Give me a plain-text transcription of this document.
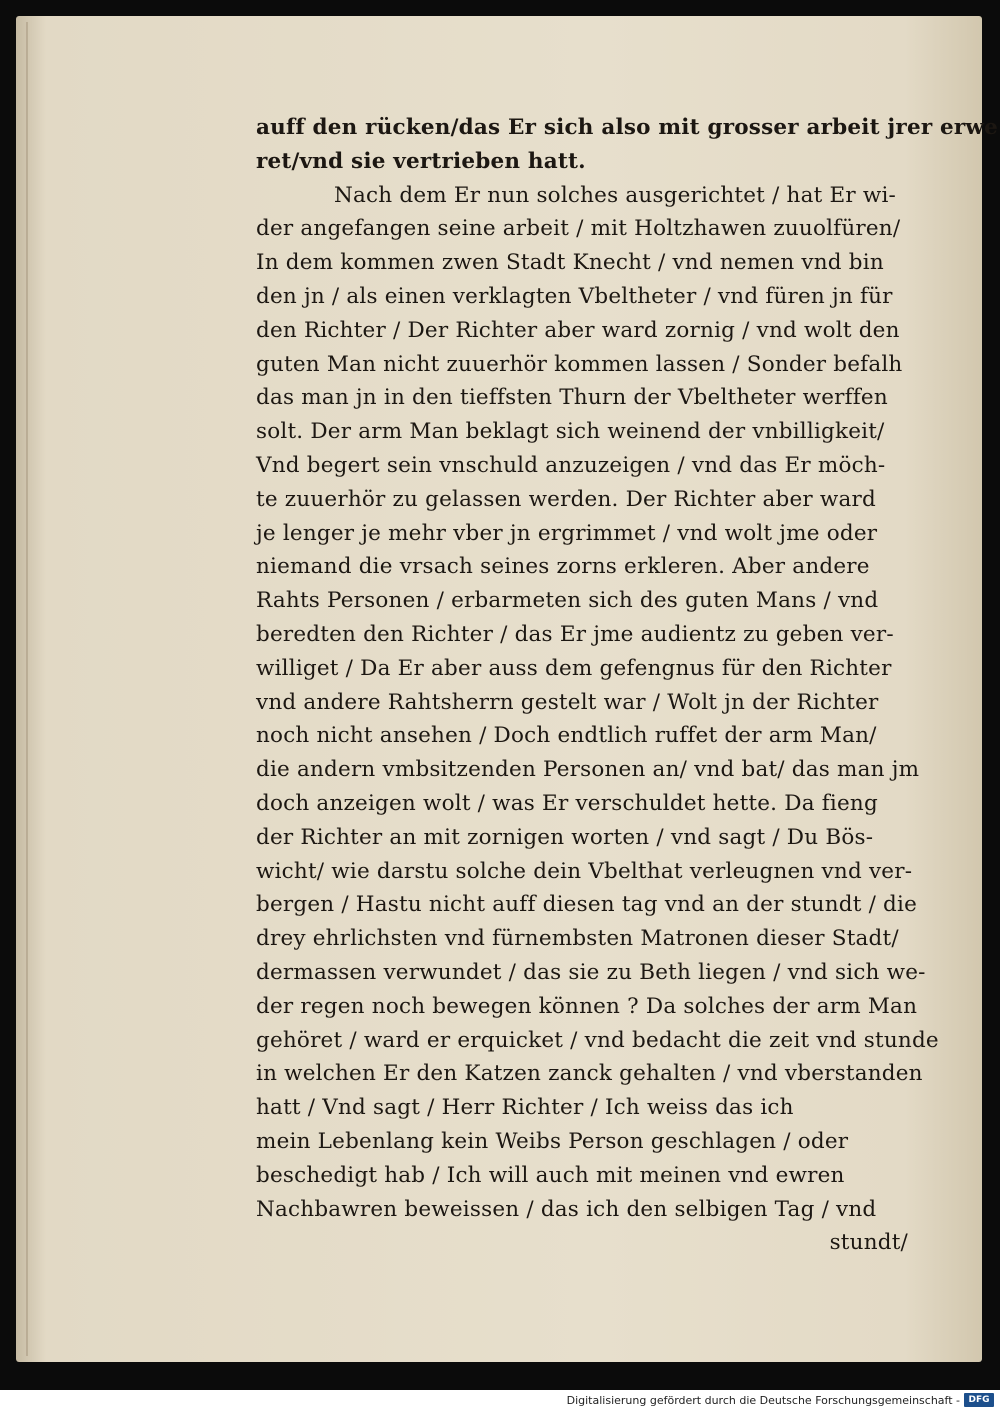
auff den rücken/das Er sich also mit grosser arbeit jrer erwe
ret/vnd sie vertrieben hatt.
Nach dem Er nun solches ausgerichtet / hat Er wi-
der angefangen seine arbeit / mit Holtzhawen zuuolfüren/
In dem kommen zwen Stadt Knecht / vnd nemen vnd bin
den jn / als einen verklagten Vbeltheter / vnd füren jn für
den Richter / Der Richter aber ward zornig / vnd wolt den
guten Man nicht zuuerhör kommen lassen / Sonder befalh
das man jn in den tieffsten Thurn der Vbeltheter werffen
solt. Der arm Man beklagt sich weinend der vnbilligkeit/
Vnd begert sein vnschuld anzuzeigen / vnd das Er möch-
te zuuerhör zu gelassen werden. Der Richter aber ward
je lenger je mehr vber jn ergrimmet / vnd wolt jme oder
niemand die vrsach seines zorns erkleren. Aber andere
Rahts Personen / erbarmeten sich des guten Mans / vnd
beredten den Richter / das Er jme audientz zu geben ver-
williget / Da Er aber auss dem gefengnus für den Richter
vnd andere Rahtsherrn gestelt war / Wolt jn der Richter
noch nicht ansehen / Doch endtlich ruffet der arm Man/
die andern vmbsitzenden Personen an/ vnd bat/ das man jm
doch anzeigen wolt / was Er verschuldet hette. Da fieng
der Richter an mit zornigen worten / vnd sagt / Du Bös-
wicht/ wie darstu solche dein Vbelthat verleugnen vnd ver-
bergen / Hastu nicht auff diesen tag vnd an der stundt / die
drey ehrlichsten vnd fürnembsten Matronen dieser Stadt/
dermassen verwundet / das sie zu Beth liegen / vnd sich we-
der regen noch bewegen können ? Da solches der arm Man
gehöret / ward er erquicket / vnd bedacht die zeit vnd stunde
in welchen Er den Katzen zanck gehalten / vnd vberstanden
hatt / Vnd sagt / Herr Richter / Ich weiss das ich
mein Lebenlang kein Weibs Person geschlagen / oder
beschedigt hab / Ich will auch mit meinen vnd ewren
Nachbawren beweissen / das ich den selbigen Tag / vnd
stundt/
Digitalisierung gefördert durch die Deutsche Forschungsgemeinschaft - DFG
